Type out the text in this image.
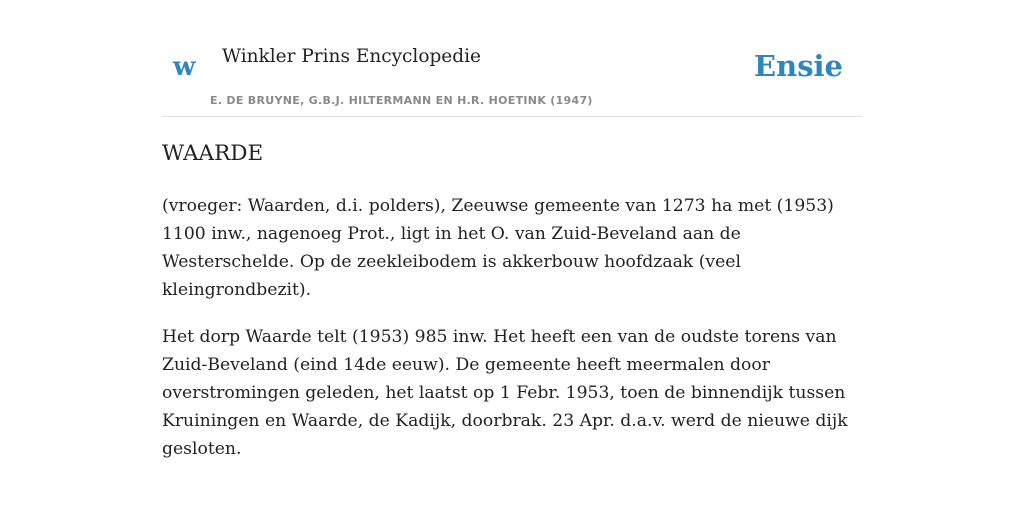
w Winkler Prins Encyclopedie
E. DE BRUYNE, G.B.J. HILTERMANN EN H.R. HOETINK (1947)
Ensie
WAARDE

(vroeger: Waarden, d.i. polders), Zeeuwse gemeente van 1273 ha met (1953) 1100 inw., nagenoeg Prot., ligt in het O. van Zuid-Beveland aan de Westerschelde. Op de zeekleibodem is akkerbouw hoofdzaak (veel kleingrondbezit).

Het dorp Waarde telt (1953) 985 inw. Het heeft een van de oudste torens van Zuid-Beveland (eind 14de eeuw). De gemeente heeft meermalen door overstromingen geleden, het laatst op 1 Febr. 1953, toen de binnendijk tussen Kruiningen en Waarde, de Kadijk, doorbrak. 23 Apr. d.a.v. werd de nieuwe dijk gesloten.
